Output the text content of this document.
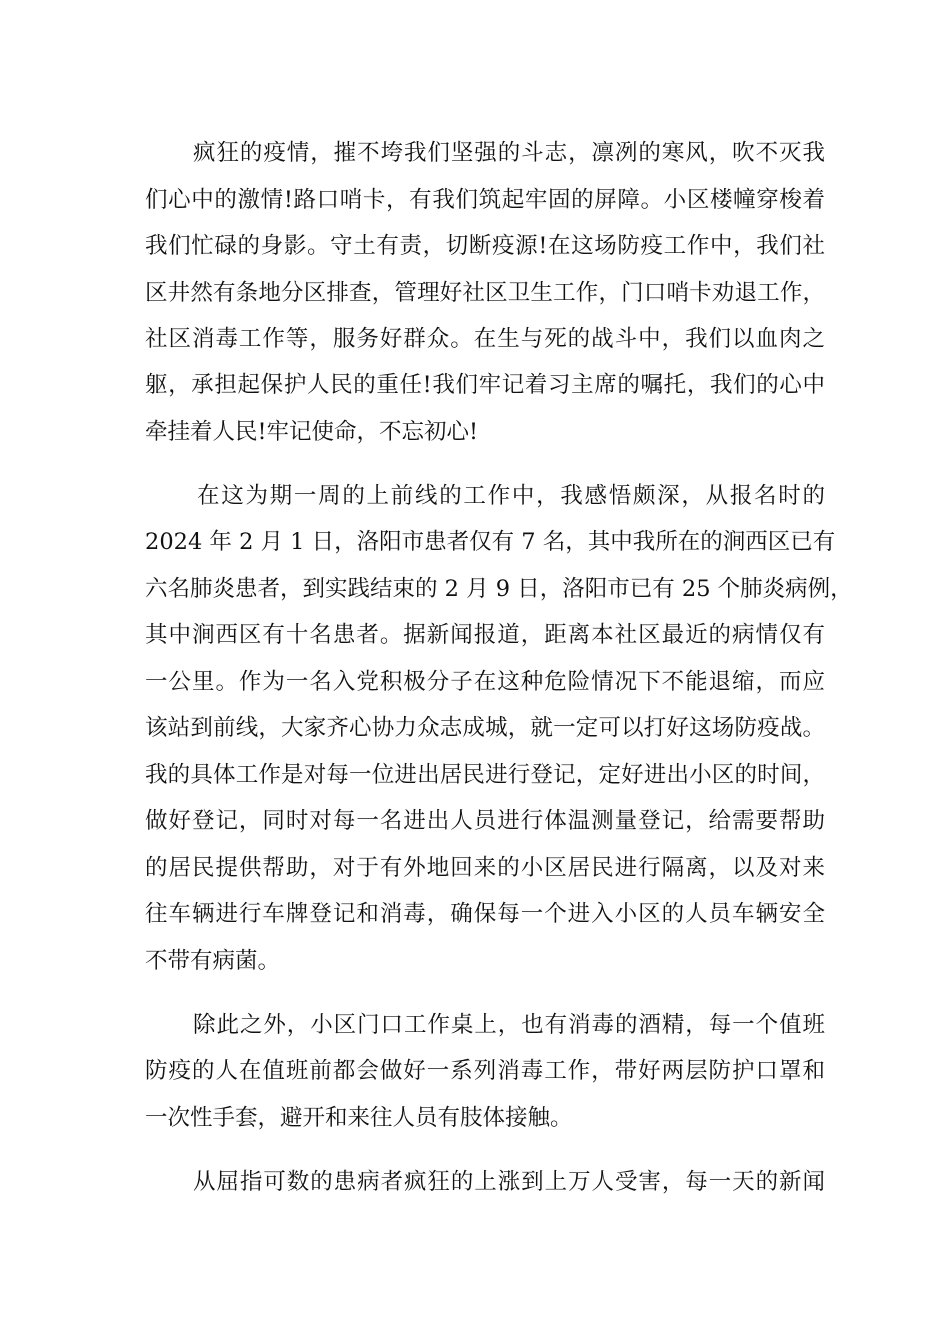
疯狂的疫情，摧不垮我们坚强的斗志，凛冽的寒风，吹不灭我
们心中的激情!路口哨卡，有我们筑起牢固的屏障。小区楼幢穿梭着
我们忙碌的身影。守土有责，切断疫源!在这场防疫工作中，我们社
区井然有条地分区排查，管理好社区卫生工作，门口哨卡劝退工作，
社区消毒工作等，服务好群众。在生与死的战斗中，我们以血肉之
躯，承担起保护人民的重任!我们牢记着习主席的嘱托，我们的心中
牵挂着人民!牢记使命，不忘初心!
在这为期一周的上前线的工作中，我感悟颇深，从报名时的
2024 年 2 月 1 日，洛阳市患者仅有 7 名，其中我所在的涧西区已有
六名肺炎患者，到实践结束的 2 月 9 日，洛阳市已有 25 个肺炎病例，
其中涧西区有十名患者。据新闻报道，距离本社区最近的病情仅有
一公里。作为一名入党积极分子在这种危险情况下不能退缩，而应
该站到前线，大家齐心协力众志成城，就一定可以打好这场防疫战。
我的具体工作是对每一位进出居民进行登记，定好进出小区的时间，
做好登记，同时对每一名进出人员进行体温测量登记，给需要帮助
的居民提供帮助，对于有外地回来的小区居民进行隔离，以及对来
往车辆进行车牌登记和消毒，确保每一个进入小区的人员车辆安全
不带有病菌。
除此之外，小区门口工作桌上，也有消毒的酒精，每一个值班
防疫的人在值班前都会做好一系列消毒工作，带好两层防护口罩和
一次性手套，避开和来往人员有肢体接触。
从屈指可数的患病者疯狂的上涨到上万人受害，每一天的新闻
